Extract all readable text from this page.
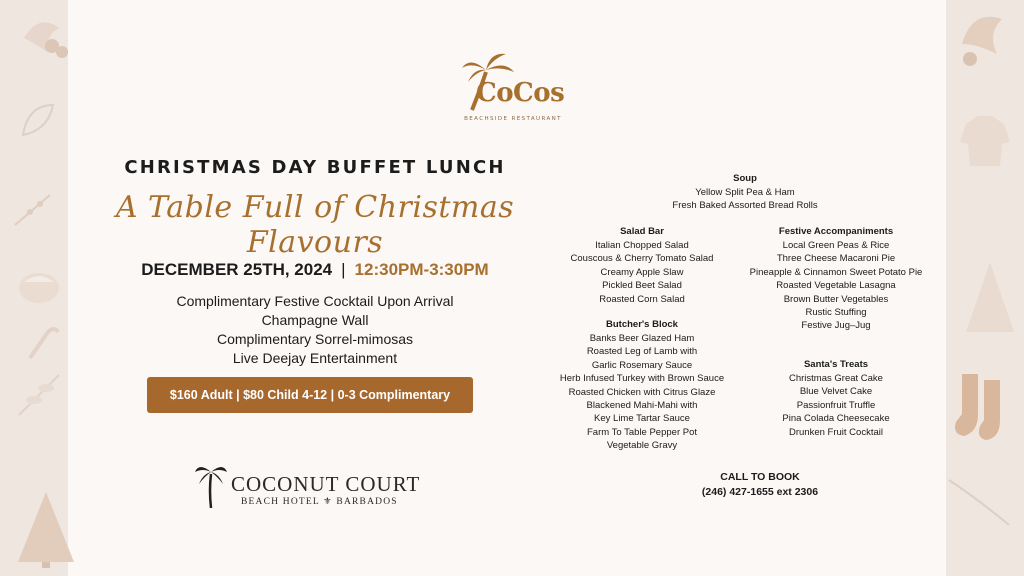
CoCos
BEACHSIDE RESTAURANT
CHRISTMAS DAY BUFFET LUNCH
A Table Full of Christmas Flavours
DECEMBER 25TH, 2024 | 12:30PM-3:30PM
Complimentary Festive Cocktail Upon Arrival
Champagne Wall
Complimentary Sorrel-mimosas
Live Deejay Entertainment
$160 Adult | $80 Child 4-12 | 0-3 Complimentary
COCONUT COURT
BEACH HOTEL ⚜ BARBADOS
Soup
Yellow Split Pea & Ham
Fresh Baked Assorted Bread Rolls
Salad Bar
Italian Chopped Salad
Couscous & Cherry Tomato Salad
Creamy Apple Slaw
Pickled Beet Salad
Roasted Corn Salad
Festive Accompaniments
Local Green Peas & Rice
Three Cheese Macaroni Pie
Pineapple & Cinnamon Sweet Potato Pie
Roasted Vegetable Lasagna
Brown Butter Vegetables
Rustic Stuffing
Festive Jug–Jug
Butcher's Block
Banks Beer Glazed Ham
Roasted Leg of Lamb with
Garlic Rosemary Sauce
Herb Infused Turkey with Brown Sauce
Roasted Chicken with Citrus Glaze
Blackened Mahi-Mahi with
Key Lime Tartar Sauce
Farm To Table Pepper Pot
Vegetable Gravy
Santa's Treats
Christmas Great Cake
Blue Velvet Cake
Passionfruit Truffle
Pina Colada Cheesecake
Drunken Fruit Cocktail
CALL TO BOOK
(246) 427-1655 ext 2306
